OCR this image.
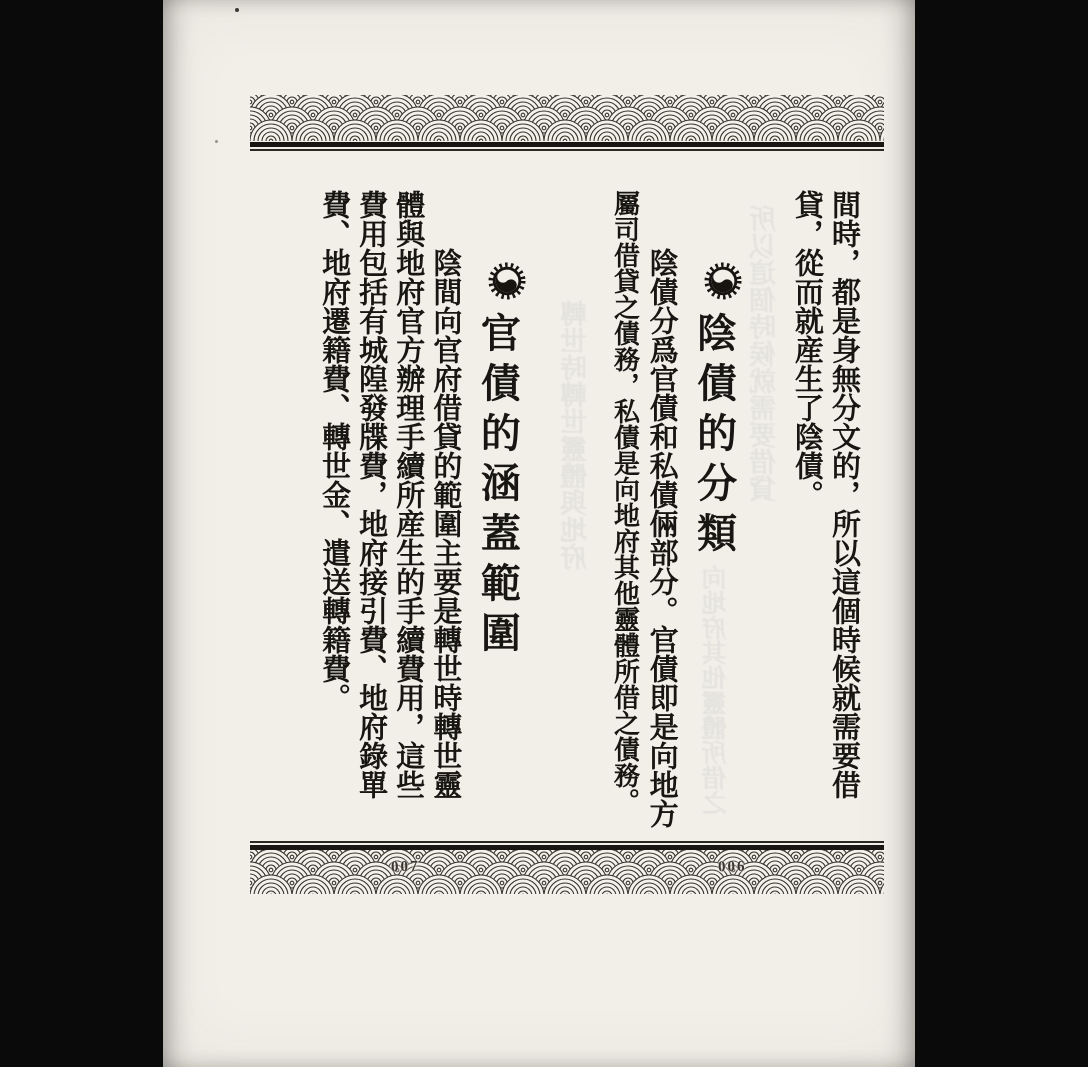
間時，都是身無分文的，所以這個時候就需要借
貸，從而就産生了陰債。
陰債的分類
陰債分爲官債和私債倆部分。官債即是向地方
屬司借貸之債務，私債是向地府其他靈體所借之債務。
官債的涵蓋範圍
陰間向官府借貸的範圍主要是轉世時轉世靈
體與地府官方辦理手續所産生的手續費用，這些
費用包括有城隍發牒費，地府接引費、地府錄單
費、地府遷籍費、轉世金、遣送轉籍費。	所以這個時候就需要借貸
向地府其他靈體所借之
轉世時轉世靈體與地府
007	006
